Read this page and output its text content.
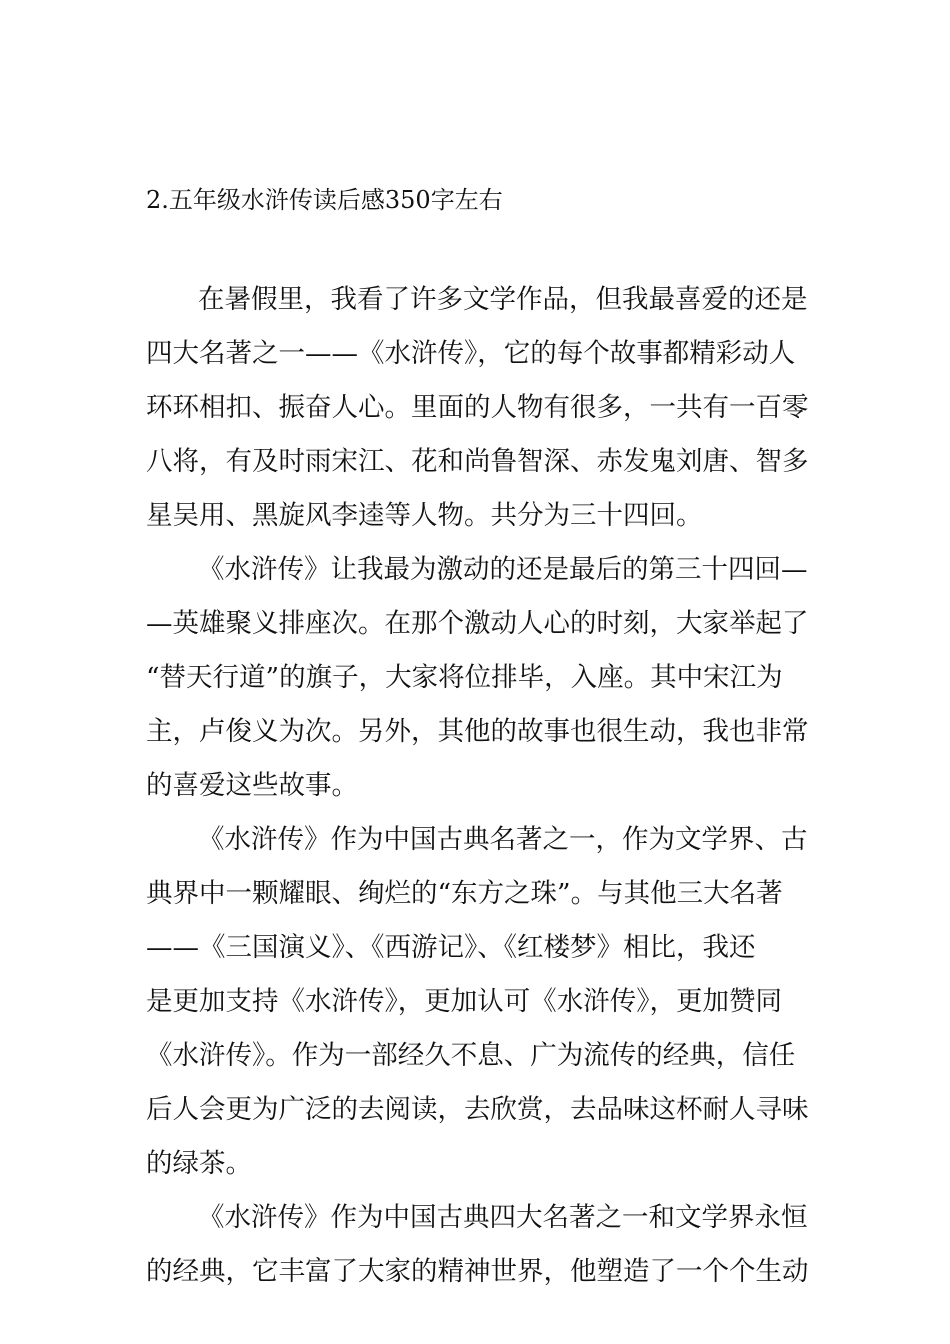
2.五年级水浒传读后感350字左右
在暑假里，我看了许多文学作品，但我最喜爱的还是
四大名著之一——《水浒传》，它的每个故事都精彩动人
环环相扣、振奋人心。里面的人物有很多，一共有一百零
八将，有及时雨宋江、花和尚鲁智深、赤发鬼刘唐、智多
星吴用、黑旋风李逵等人物。共分为三十四回。
《水浒传》让我最为激动的还是最后的第三十四回—
—英雄聚义排座次。在那个激动人心的时刻，大家举起了
“替天行道”的旗子，大家将位排毕，入座。其中宋江为
主，卢俊义为次。另外，其他的故事也很生动，我也非常
的喜爱这些故事。
《水浒传》作为中国古典名著之一，作为文学界、古
典界中一颗耀眼、绚烂的“东方之珠”。与其他三大名著
——《三国演义》、《西游记》、《红楼梦》相比，我还
是更加支持《水浒传》，更加认可《水浒传》，更加赞同
《水浒传》。作为一部经久不息、广为流传的经典，信任
后人会更为广泛的去阅读，去欣赏，去品味这杯耐人寻味
的绿茶。
《水浒传》作为中国古典四大名著之一和文学界永恒
的经典，它丰富了大家的精神世界，他塑造了一个个生动
